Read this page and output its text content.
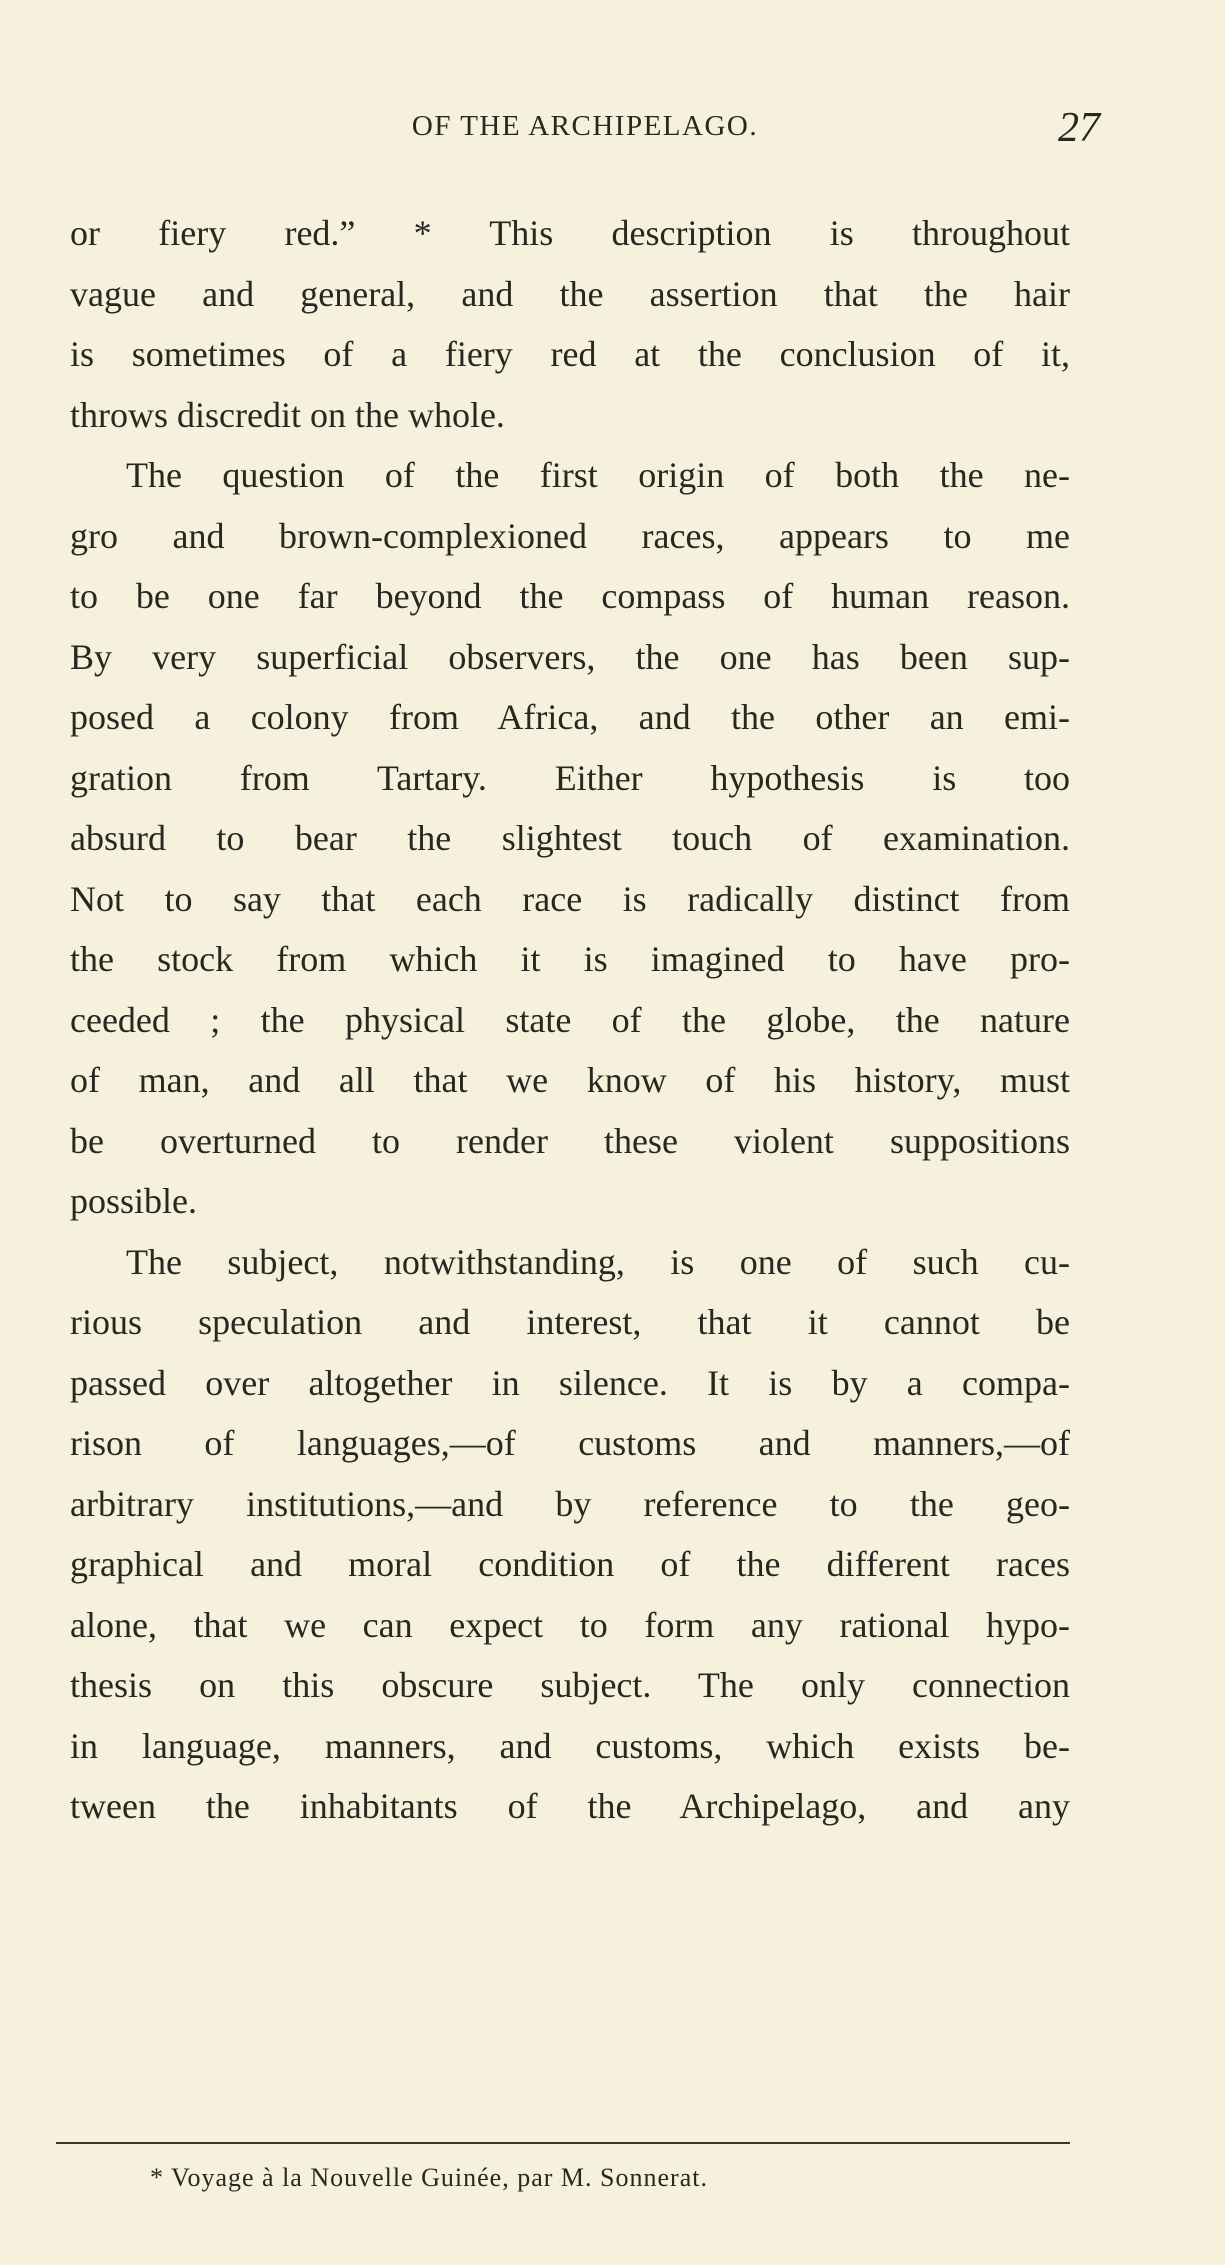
OF THE ARCHIPELAGO.	27
or fiery red.” * This description is throughout
vague and general, and the assertion that the hair
is sometimes of a fiery red at the conclusion of it,
throws discredit on the whole.
The question of the first origin of both the ne-
gro and brown-complexioned races, appears to me
to be one far beyond the compass of human reason.
By very superficial observers, the one has been sup-
posed a colony from Africa, and the other an emi-
gration from Tartary. Either hypothesis is too
absurd to bear the slightest touch of examination.
Not to say that each race is radically distinct from
the stock from which it is imagined to have pro-
ceeded ; the physical state of the globe, the nature
of man, and all that we know of his history, must
be overturned to render these violent suppositions
possible.
The subject, notwithstanding, is one of such cu-
rious speculation and interest, that it cannot be
passed over altogether in silence. It is by a compa-
rison of languages,—of customs and manners,—of
arbitrary institutions,—and by reference to the geo-
graphical and moral condition of the different races
alone, that we can expect to form any rational hypo-
thesis on this obscure subject. The only connection
in language, manners, and customs, which exists be-
tween the inhabitants of the Archipelago, and any
* Voyage à la Nouvelle Guinée, par M. Sonnerat.
